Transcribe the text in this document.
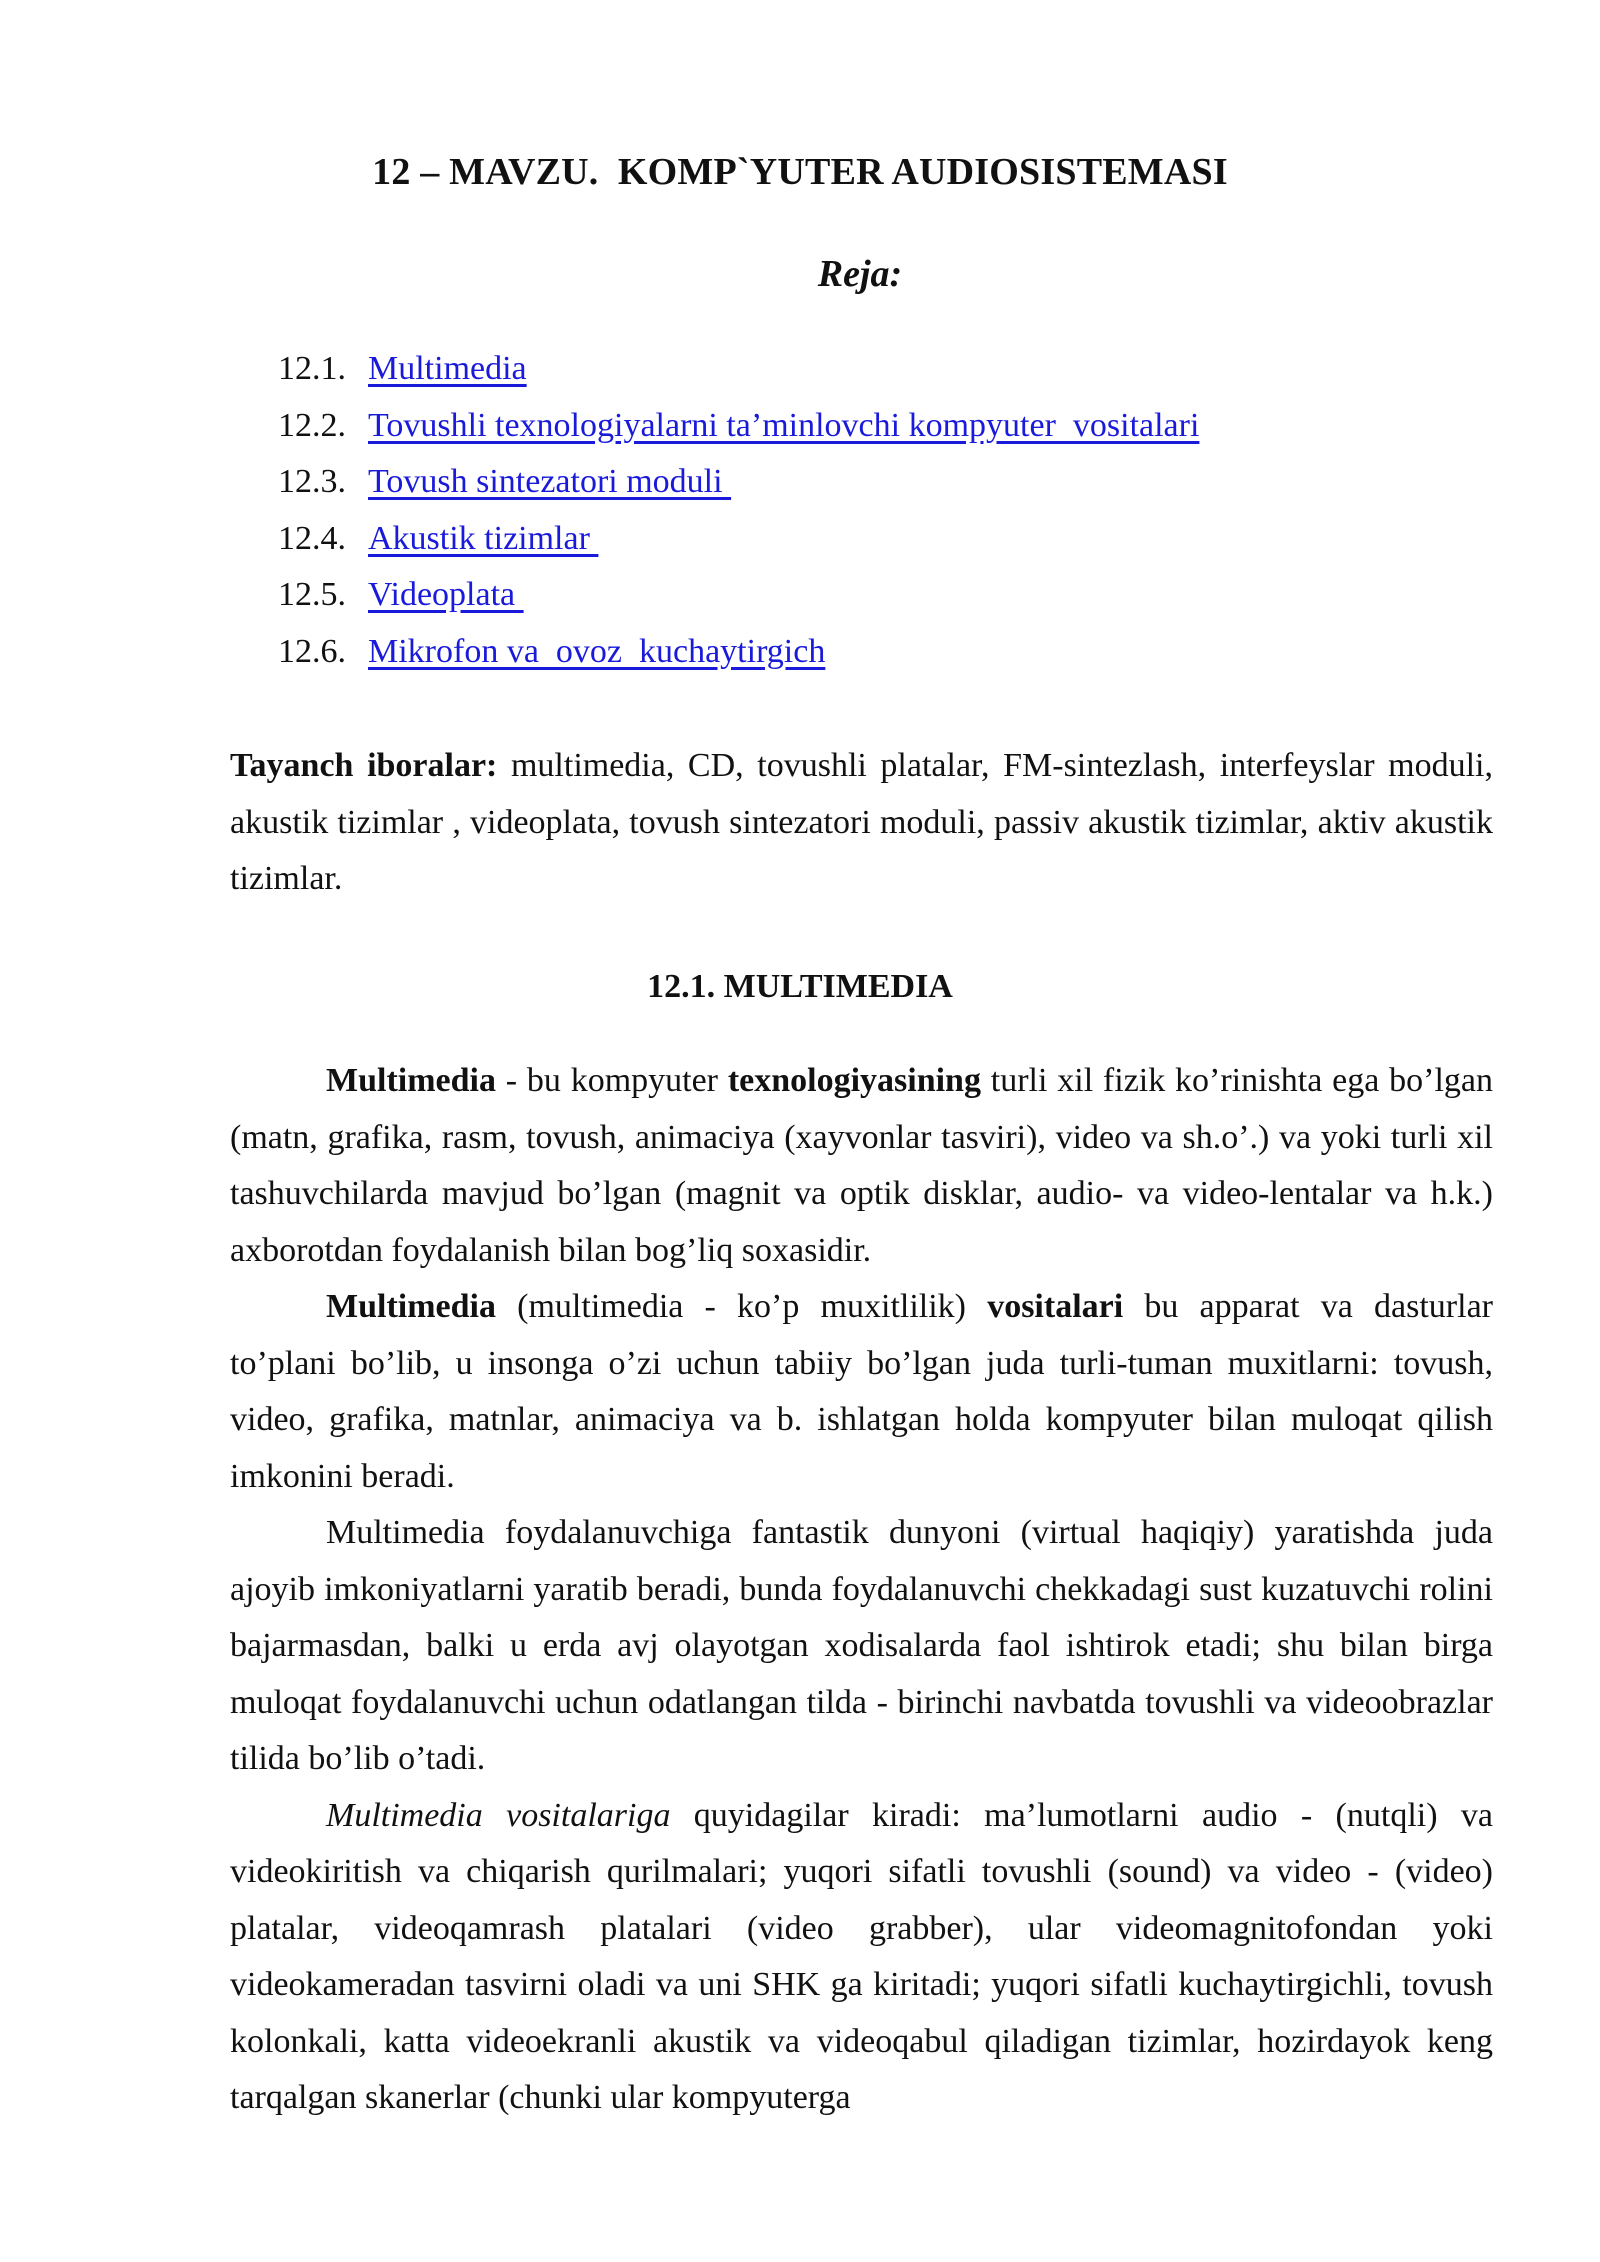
12 – MAVZU.  KOMP`YUTER AUDIOSISTEMASI
Reja:
12.1. Multimedia
12.2. Tovushli texnologiyalarni ta’minlovchi kompyuter  vositalari
12.3. Tovush sintezatori moduli
12.4. Akustik tizimlar
12.5. Videoplata
12.6. Mikrofon va  ovoz  kuchaytirgich
Tayanch iboralar: multimedia, CD, tovushli platalar, FM-sintezlash, interfeyslar moduli, akustik tizimlar , videoplata, tovush sintezatori moduli, passiv akustik tizimlar, aktiv akustik tizimlar.
12.1. MULTIMEDIA

Multimedia - bu kompyuter texnologiyasining turli xil fizik ko’rinishta ega bo’lgan (matn, grafika, rasm, tovush, animaciya (xayvonlar tasviri), video va sh.o’.) va yoki turli xil tashuvchilarda mavjud bo’lgan (magnit va optik disklar, audio- va video-lentalar va h.k.) axborotdan foydalanish bilan bog’liq soxasidir.

Multimedia (multimedia - ko’p muxitlilik) vositalari bu apparat va dasturlar to’plani bo’lib, u insonga o’zi uchun tabiiy bo’lgan juda turli-tuman muxitlarni: tovush, video, grafika, matnlar, animaciya va b. ishlatgan holda kompyuter bilan muloqat qilish imkonini beradi.

Multimedia foydalanuvchiga fantastik dunyoni (virtual haqiqiy) yaratishda juda ajoyib imkoniyatlarni yaratib beradi, bunda foydalanuvchi chekkadagi sust kuzatuvchi rolini bajarmasdan, balki u erda avj olayotgan xodisalarda faol ishtirok etadi; shu bilan birga muloqat foydalanuvchi uchun odatlangan tilda - birinchi navbatda tovushli va videoobrazlar tilida bo’lib o’tadi.

Multimedia vositalariga quyidagilar kiradi: ma’lumotlarni audio - (nutqli) va videokiritish va chiqarish qurilmalari; yuqori sifatli tovushli (sound) va video - (video) platalar, videoqamrash platalari (video grabber), ular videomagnitofondan yoki videokameradan tasvirni oladi va uni SHK ga kiritadi; yuqori sifatli kuchaytirgichli, tovush kolonkali, katta videoekranli akustik va videoqabul qiladigan tizimlar, hozirdayok keng tarqalgan skanerlar (chunki ular kompyuterga
